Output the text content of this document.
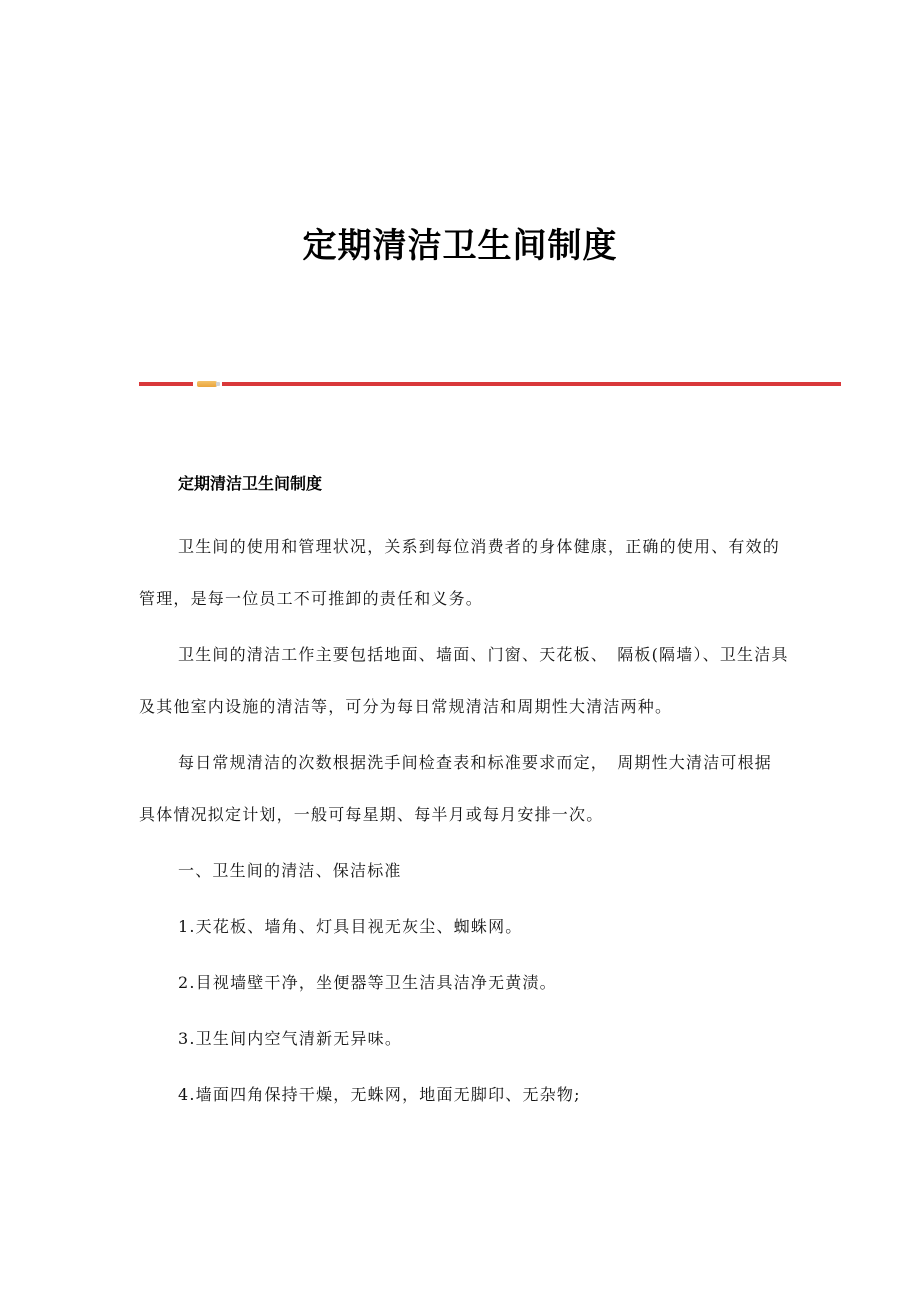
定期清洁卫生间制度
定期清洁卫生间制度

卫生间的使用和管理状况，关系到每位消费者的身体健康，正确的使用、有效的管理，是每一位员工不可推卸的责任和义务。

卫生间的清洁工作主要包括地面、墙面、门窗、天花板、　隔板(隔墙）、卫生洁具及其他室内设施的清洁等，可分为每日常规清洁和周期性大清洁两种。

每日常规清洁的次数根据洗手间检查表和标准要求而定，　周期性大清洁可根据具体情况拟定计划，一般可每星期、每半月或每月安排一次。

一、卫生间的清洁、保洁标准

1.天花板、墙角、灯具目视无灰尘、蜘蛛网。

2.目视墙壁干净，坐便器等卫生洁具洁净无黄渍。

3.卫生间内空气清新无异味。

4.墙面四角保持干燥，无蛛网，地面无脚印、无杂物;
